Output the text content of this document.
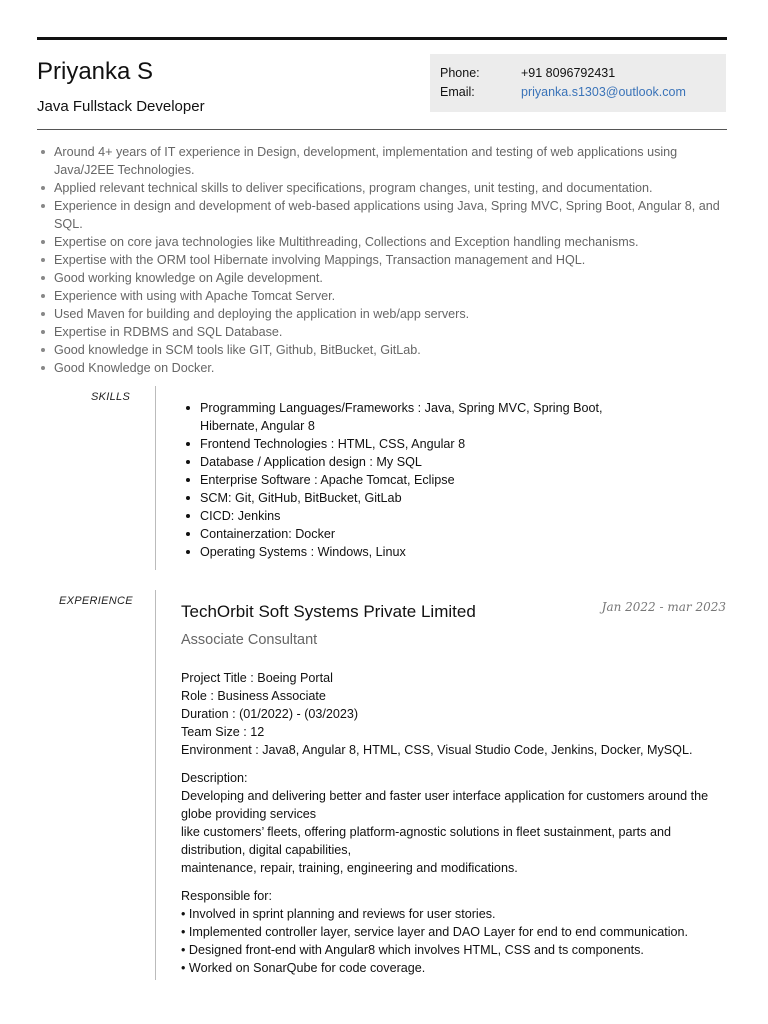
Priyanka S
Java Fullstack Developer
Phone:	+91 8096792431
Email:	priyanka.s1303@outlook.com
Around 4+ years of IT experience in Design, development, implementation and testing of web applications using Java/J2EE Technologies.
Applied relevant technical skills to deliver specifications, program changes, unit testing, and documentation.
Experience in design and development of web-based applications using Java, Spring MVC, Spring Boot, Angular 8, and SQL.
Expertise on core java technologies like Multithreading, Collections and Exception handling mechanisms.
Expertise with the ORM tool Hibernate involving Mappings, Transaction management and HQL.
Good working knowledge on Agile development.
Experience with using with Apache Tomcat Server.
Used Maven for building and deploying the application in web/app servers.
Expertise in RDBMS and SQL Database.
Good knowledge in SCM tools like GIT, Github, BitBucket, GitLab.
Good Knowledge on Docker.
SKILLS
Programming Languages/Frameworks : Java, Spring MVC, Spring Boot, Hibernate, Angular 8
Frontend Technologies : HTML, CSS, Angular 8
Database / Application design : My SQL
Enterprise Software : Apache Tomcat, Eclipse
SCM: Git, GitHub, BitBucket, GitLab
CICD: Jenkins
Containerzation: Docker
Operating Systems : Windows, Linux
EXPERIENCE
TechOrbit Soft Systems Private Limited	Jan 2022 - mar 2023
Associate Consultant
Project Title : Boeing Portal
Role : Business Associate
Duration : (01/2022) - (03/2023)
Team Size : 12
Environment : Java8, Angular 8, HTML, CSS, Visual Studio Code, Jenkins, Docker, MySQL.
Description:
Developing and delivering better and faster user interface application for customers around the globe providing services
like customers’ fleets, offering platform-agnostic solutions in fleet sustainment, parts and distribution, digital capabilities,
maintenance, repair, training, engineering and modifications.
Responsible for:
• Involved in sprint planning and reviews for user stories.
• Implemented controller layer, service layer and DAO Layer for end to end communication.
• Designed front-end with Angular8 which involves HTML, CSS and ts components.
• Worked on SonarQube for code coverage.
